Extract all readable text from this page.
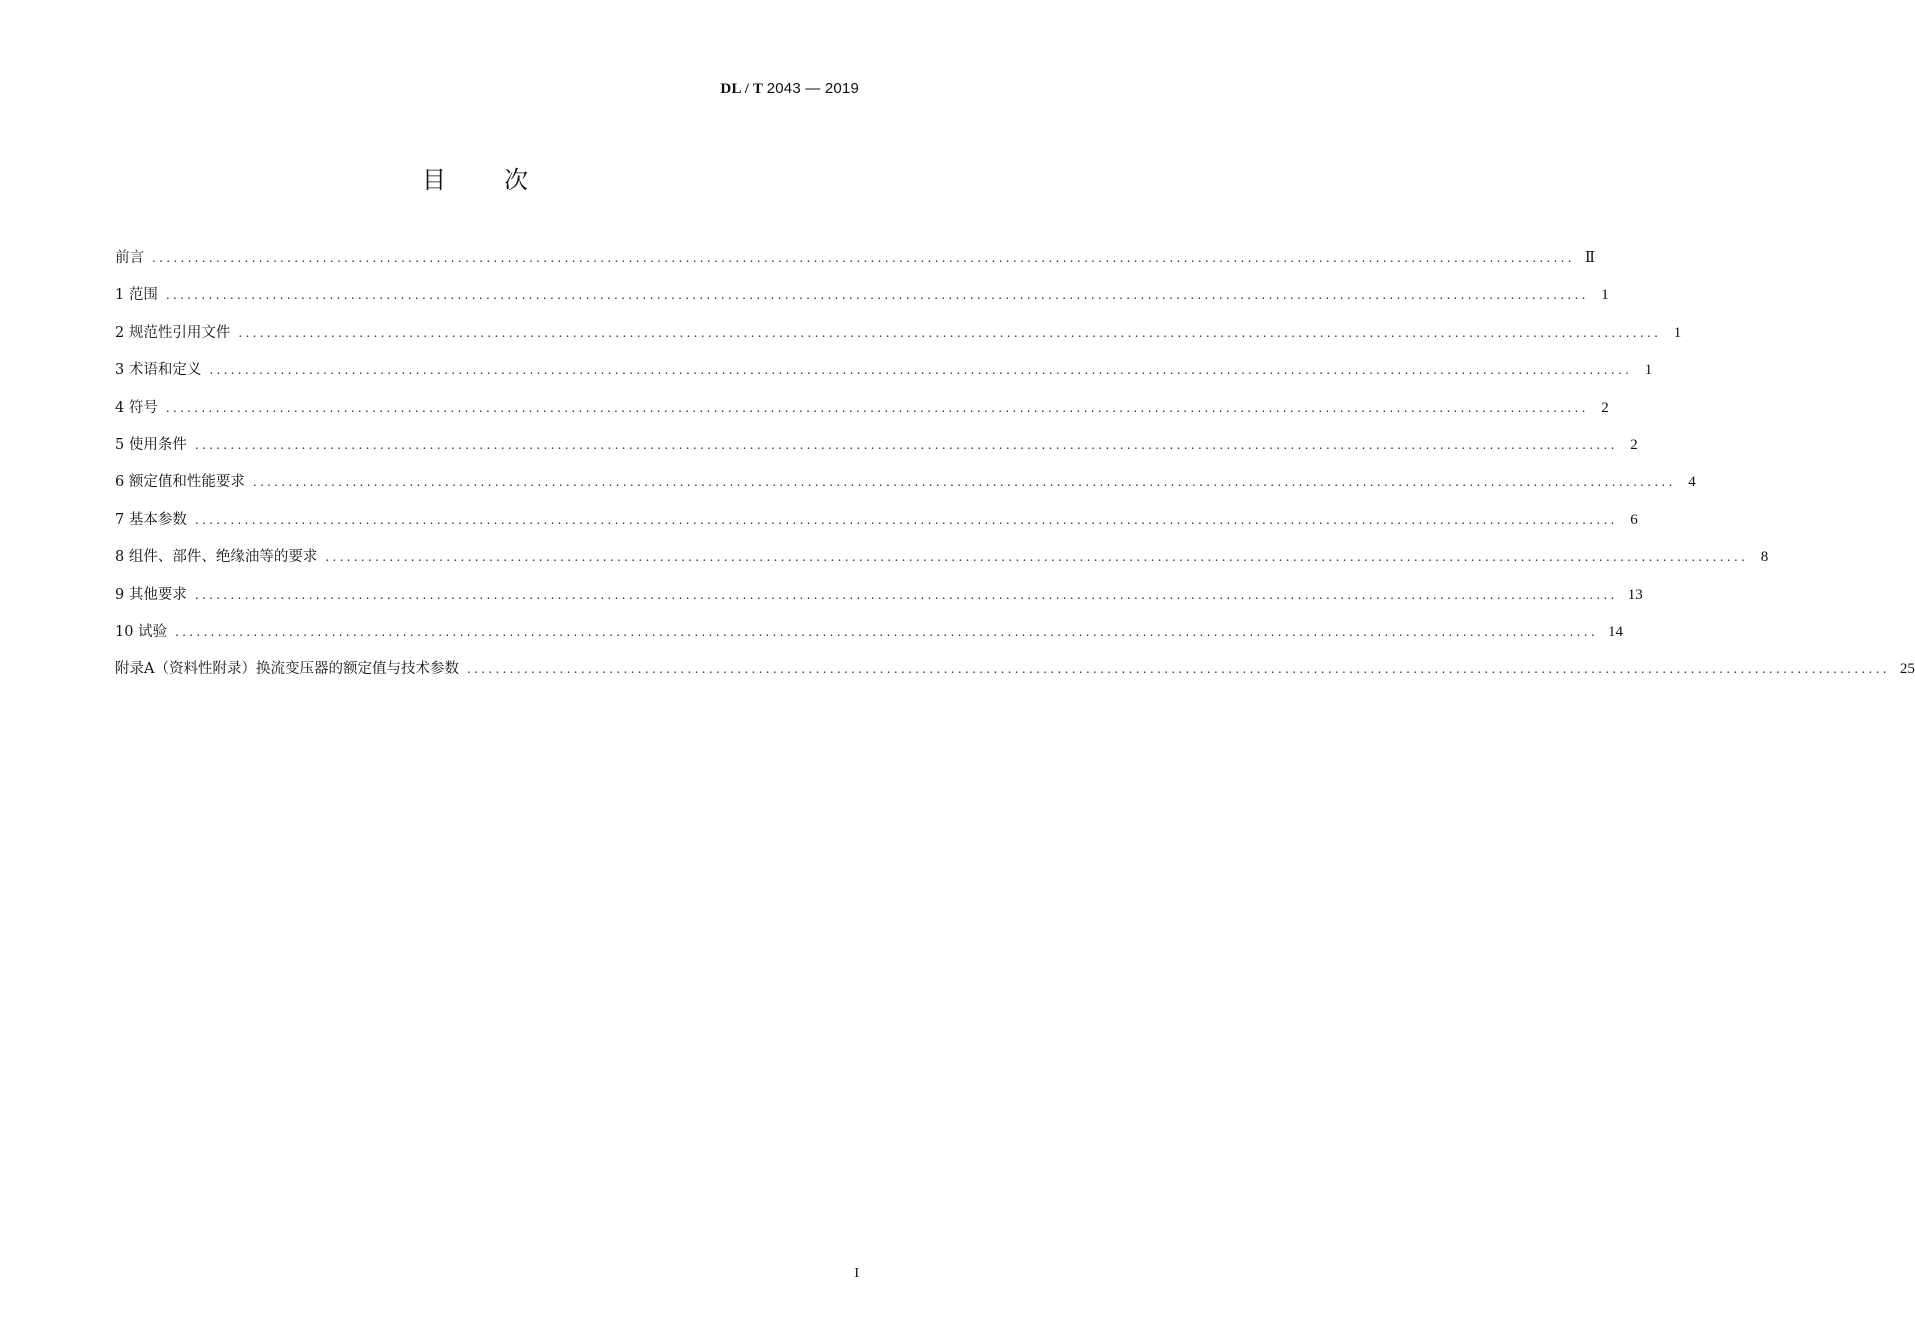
DL / T 2043 — 2019
目次
前言 ........................................................................................................................................................................................................ Ⅱ
1 范围 ........................................................................................................................................................................................................ 1
2 规范性引用文件 ........................................................................................................................................................................................................ 1
3 术语和定义 ........................................................................................................................................................................................................ 1
4 符号 ........................................................................................................................................................................................................ 2
5 使用条件 ........................................................................................................................................................................................................ 2
6 额定值和性能要求 ........................................................................................................................................................................................................ 4
7 基本参数 ........................................................................................................................................................................................................ 6
8 组件、部件、绝缘油等的要求 ........................................................................................................................................................................................................ 8
9 其他要求 ........................................................................................................................................................................................................ 13
10 试验 ........................................................................................................................................................................................................ 14
附录A（资料性附录）换流变压器的额定值与技术参数 ........................................................................................................................................................................................................ 25
I
